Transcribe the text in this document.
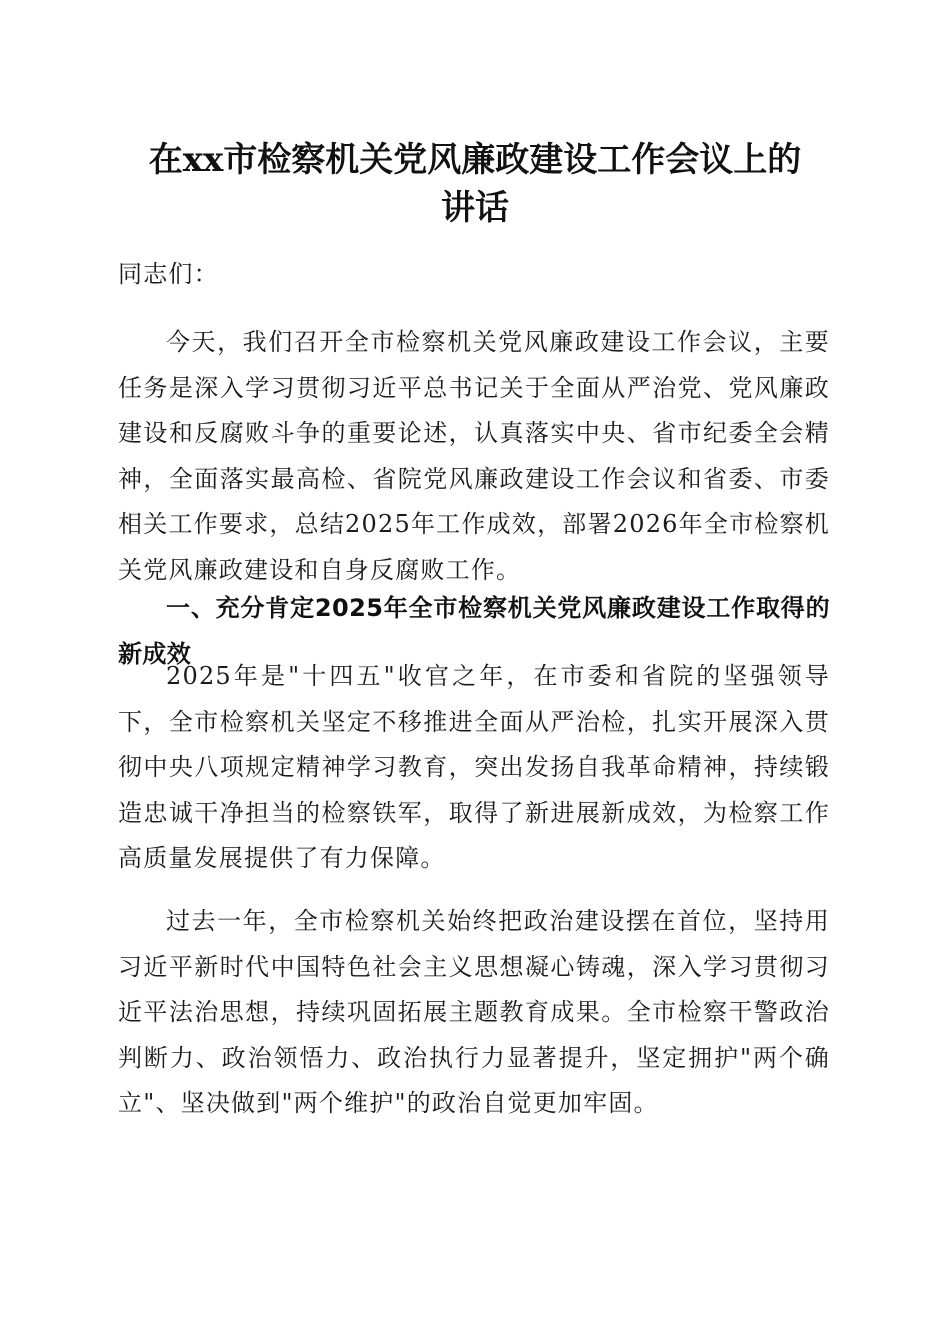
在xx市检察机关党风廉政建设工作会议上的
讲话

同志们：

今天，我们召开全市检察机关党风廉政建设工作会议，主要任务是深入学习贯彻习近平总书记关于全面从严治党、党风廉政建设和反腐败斗争的重要论述，认真落实中央、省市纪委全会精神，全面落实最高检、省院党风廉政建设工作会议和省委、市委相关工作要求，总结2025年工作成效，部署2026年全市检察机关党风廉政建设和自身反腐败工作。

一、充分肯定2025年全市检察机关党风廉政建设工作取得的新成效

2025年是"十四五"收官之年，在市委和省院的坚强领导下，全市检察机关坚定不移推进全面从严治检，扎实开展深入贯彻中央八项规定精神学习教育，突出发扬自我革命精神，持续锻造忠诚干净担当的检察铁军，取得了新进展新成效，为检察工作高质量发展提供了有力保障。

过去一年，全市检察机关始终把政治建设摆在首位，坚持用习近平新时代中国特色社会主义思想凝心铸魂，深入学习贯彻习近平法治思想，持续巩固拓展主题教育成果。全市检察干警政治判断力、政治领悟力、政治执行力显著提升，坚定拥护"两个确立"、坚决做到"两个维护"的政治自觉更加牢固。
